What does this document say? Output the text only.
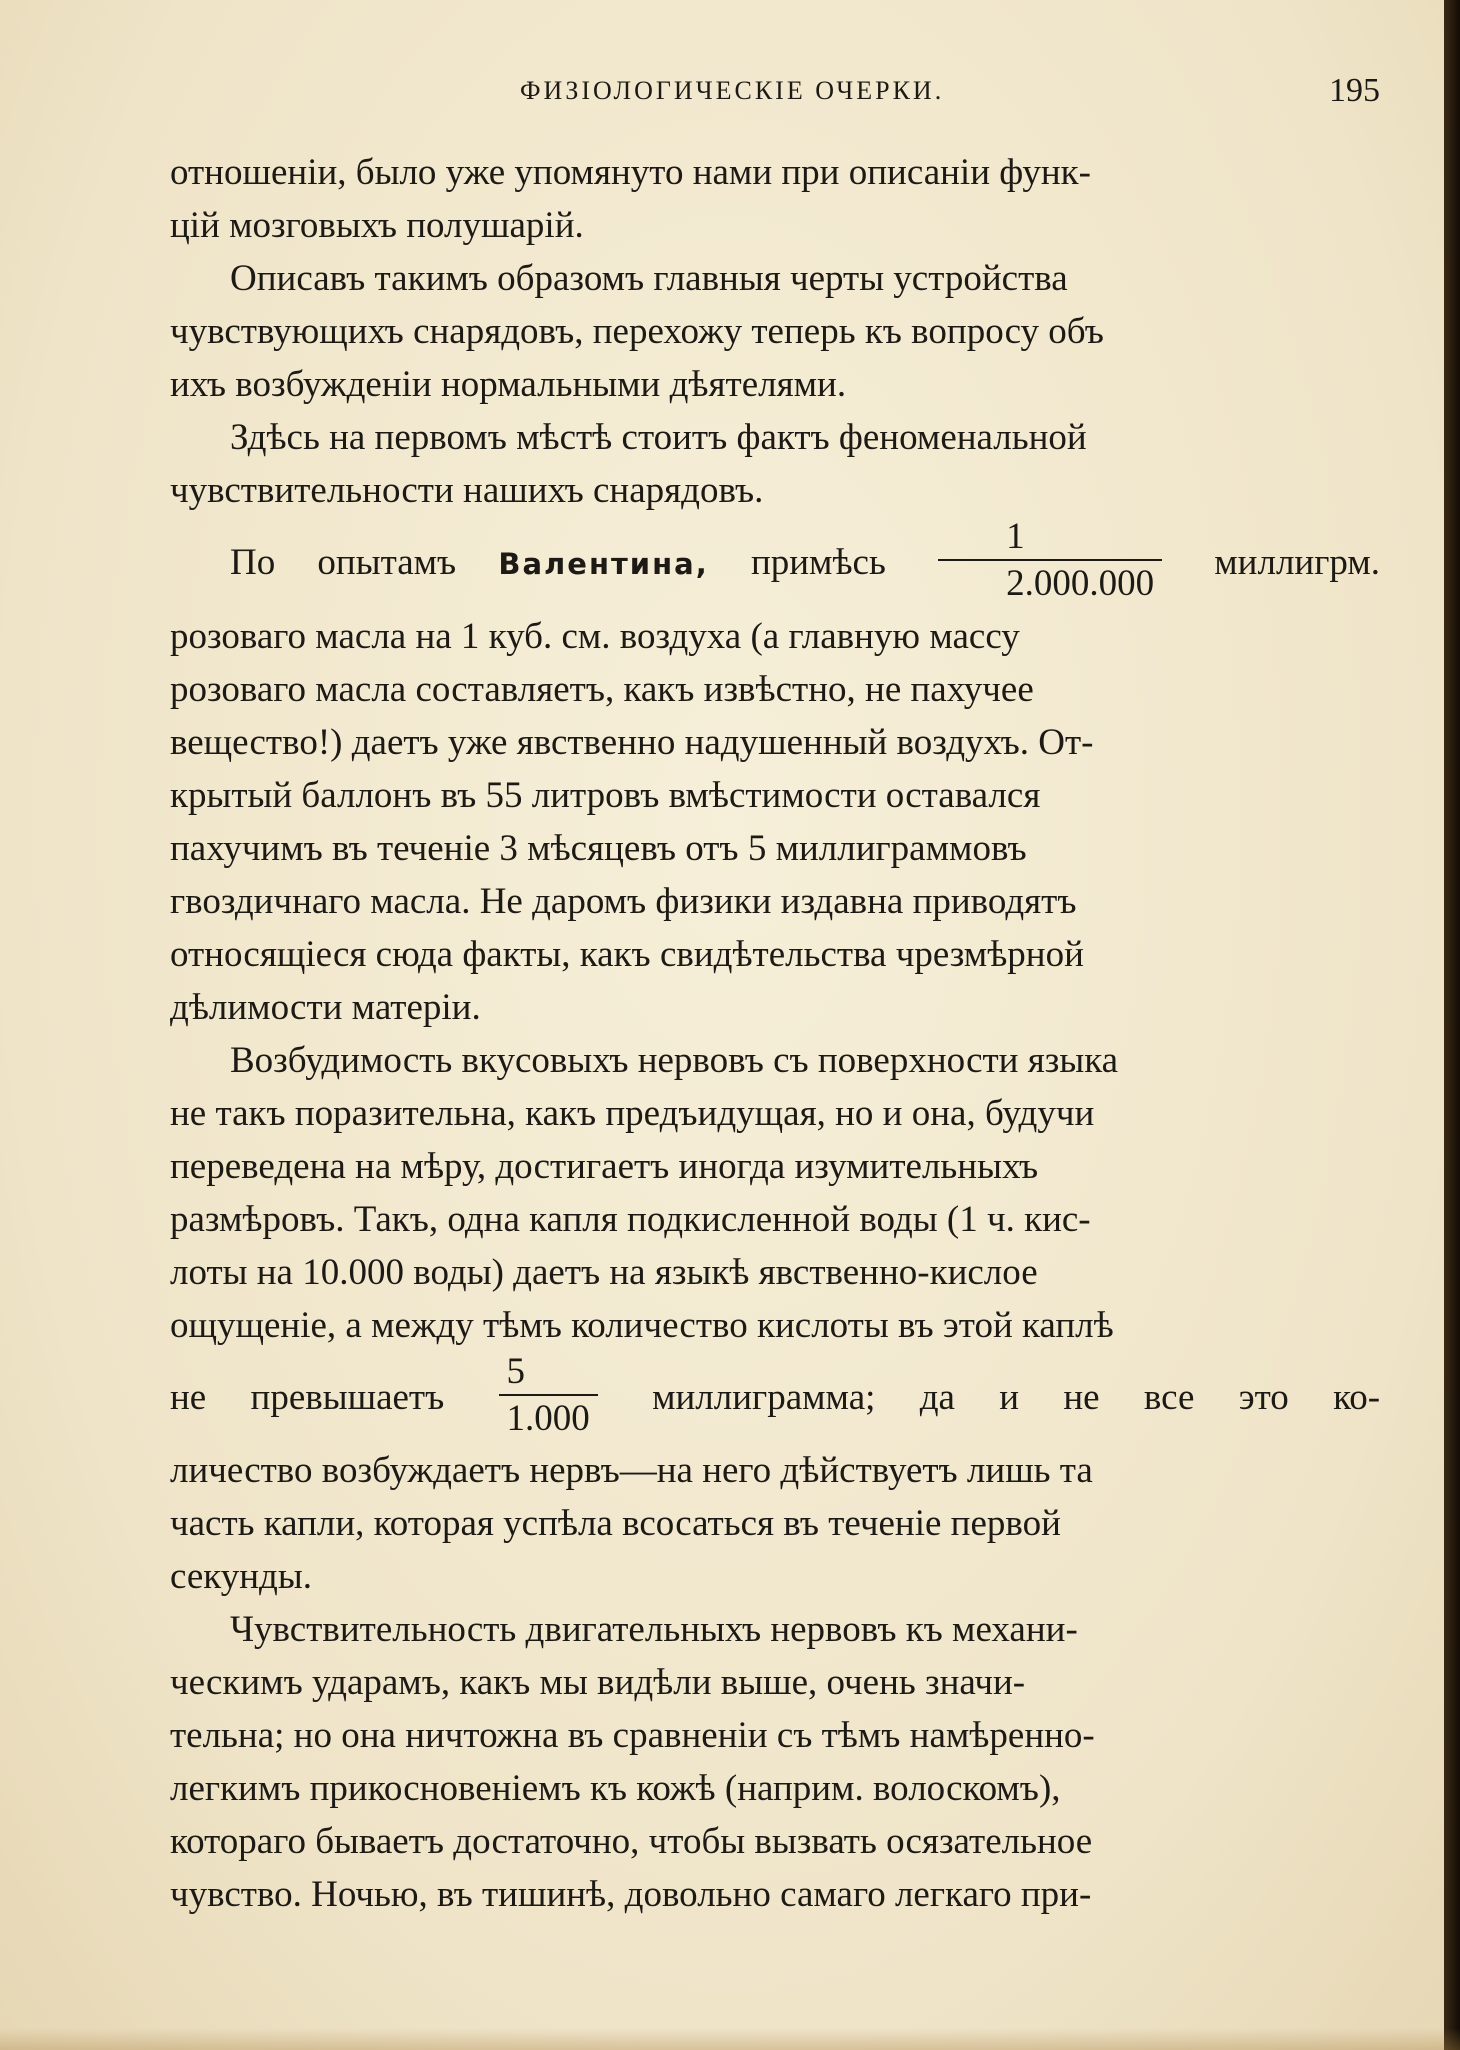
ФИЗІОЛОГИЧЕСКІЕ ОЧЕРКИ.	195

отношеніи, было уже упомянуто нами при описаніи функ-

цій мозговыхъ полушарій.

Описавъ такимъ образомъ главныя черты устройства

чувствующихъ снарядовъ, перехожу теперь къ вопросу объ

ихъ возбужденіи нормальными дѣятелями.

Здѣсь на первомъ мѣстѣ стоитъ фактъ феноменальной

чувствительности нашихъ снарядовъ.

По опытамъ Валентина, примѣсь $\frac{1}{2.000.000}$ миллигрм.

розоваго масла на 1 куб. см. воздуха (а главную массу

розоваго масла составляетъ, какъ извѣстно, не пахучее

вещество!) даетъ уже явственно надушенный воздухъ. От-

крытый баллонъ въ 55 литровъ вмѣстимости оставался

пахучимъ въ теченіе 3 мѣсяцевъ отъ 5 миллиграммовъ

гвоздичнаго масла. Не даромъ физики издавна приводятъ

относящіеся сюда факты, какъ свидѣтельства чрезмѣрной

дѣлимости матеріи.

Возбудимость вкусовыхъ нервовъ съ поверхности языка

не такъ поразительна, какъ предъидущая, но и она, будучи

переведена на мѣру, достигаетъ иногда изумительныхъ

размѣровъ. Такъ, одна капля подкисленной воды (1 ч. кис-

лоты на 10.000 воды) даетъ на языкѣ явственно-кислое

ощущеніе, а между тѣмъ количество кислоты въ этой каплѣ

не превышаетъ $\frac{5}{1.000}$ миллиграмма; да и не все это ко-

личество возбуждаетъ нервъ—на него дѣйствуетъ лишь та

часть капли, которая успѣла всосаться въ теченіе первой

секунды.

Чувствительность двигательныхъ нервовъ къ механи-

ческимъ ударамъ, какъ мы видѣли выше, очень значи-

тельна; но она ничтожна въ сравненіи съ тѣмъ намѣренно-

легкимъ прикосновеніемъ къ кожѣ (наприм. волоскомъ),

котораго бываетъ достаточно, чтобы вызвать осязательное

чувство. Ночью, въ тишинѣ, довольно самаго легкаго при-
